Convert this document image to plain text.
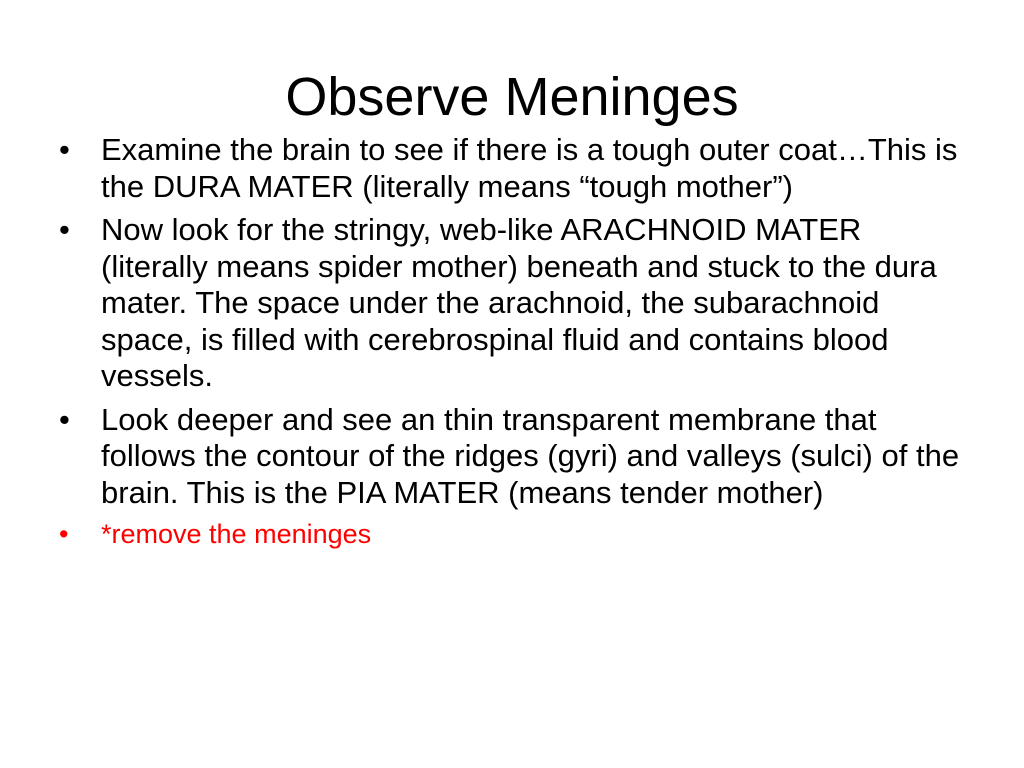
Observe Meninges
• Examine the brain to see if there is a tough outer coat…This is the DURA MATER (literally means “tough mother”)
• Now look for the stringy, web-like ARACHNOID MATER (literally means spider mother) beneath and stuck to the dura mater. The space under the arachnoid, the subarachnoid space, is filled with cerebrospinal fluid and contains blood vessels.
• Look deeper and see an thin transparent membrane that follows the contour of the ridges (gyri) and valleys (sulci) of the brain. This is the PIA MATER (means tender mother)
• *remove the meninges
